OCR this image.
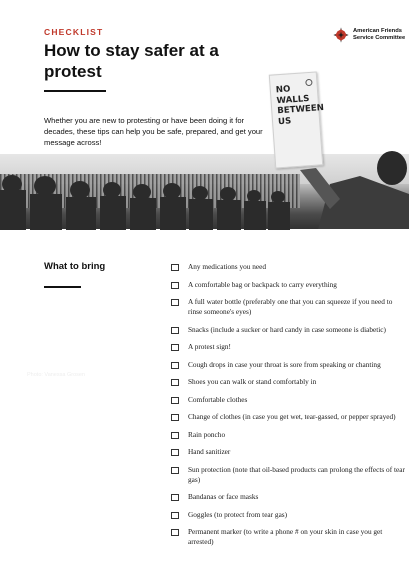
CHECKLIST
How to stay safer at a protest
American Friends
Service Committee

Whether you are new to protesting or have been doing it for decades, these tips can help you be safe, prepared, and get your message across!

Photo: Vanessa Grosen
NO
WALLS
BETWEEN
US
What to bring	Any medications you need
A comfortable bag or backpack to carry everything
A full water bottle (preferably one that you can squeeze if you need to rinse someone's eyes)
Snacks (include a sucker or hard candy in case someone is diabetic)
A protest sign!
Cough drops in case your throat is sore from speaking or chanting
Shoes you can walk or stand comfortably in
Comfortable clothes
Change of clothes (in case you get wet, tear-gassed, or pepper sprayed)
Rain poncho
Hand sanitizer
Sun protection (note that oil-based products can prolong the effects of tear gas)
Bandanas or face masks
Goggles (to protect from tear gas)
Permanent marker (to write a phone # on your skin in case you get arrested)
